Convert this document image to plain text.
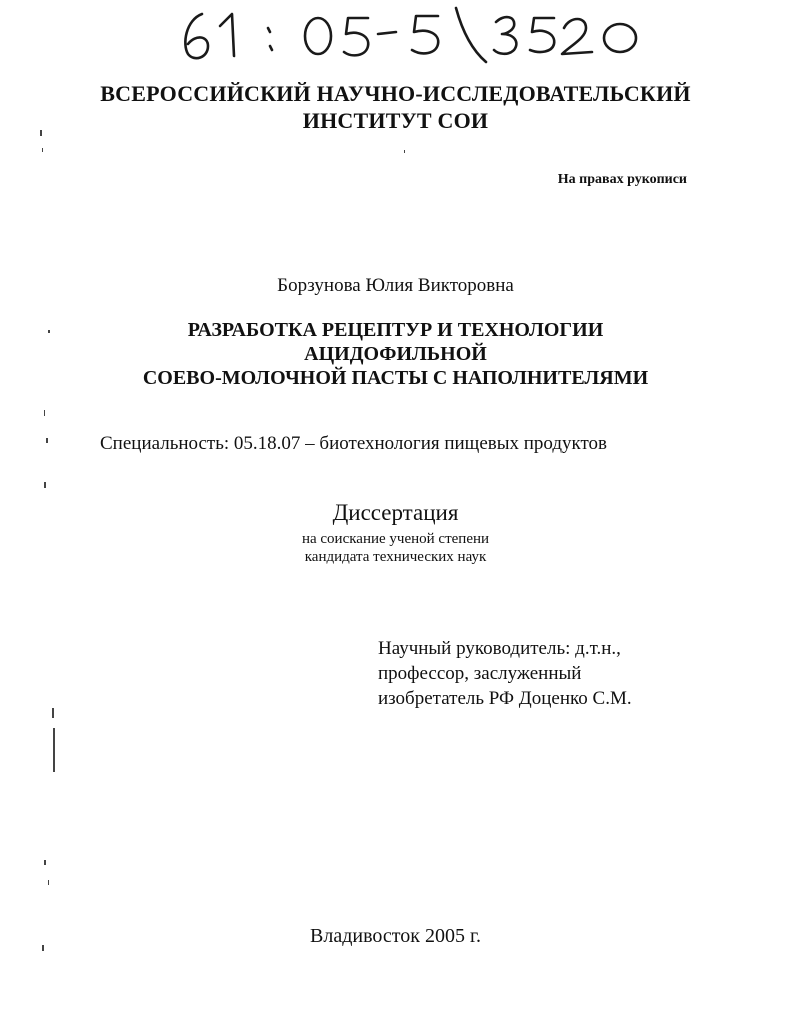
ВСЕРОССИЙСКИЙ НАУЧНО-ИССЛЕДОВАТЕЛЬСКИЙ
ИНСТИТУТ СОИ
На правах рукописи
Борзунова Юлия Викторовна
РАЗРАБОТКА РЕЦЕПТУР И ТЕХНОЛОГИИ
АЦИДОФИЛЬНОЙ
СОЕВО-МОЛОЧНОЙ ПАСТЫ С НАПОЛНИТЕЛЯМИ
Специальность: 05.18.07 – биотехнология пищевых продуктов
Диссертация
на соискание ученой степени
кандидата технических наук
Научный руководитель: д.т.н.,
профессор, заслуженный
изобретатель РФ Доценко С.М.
Владивосток 2005 г.
